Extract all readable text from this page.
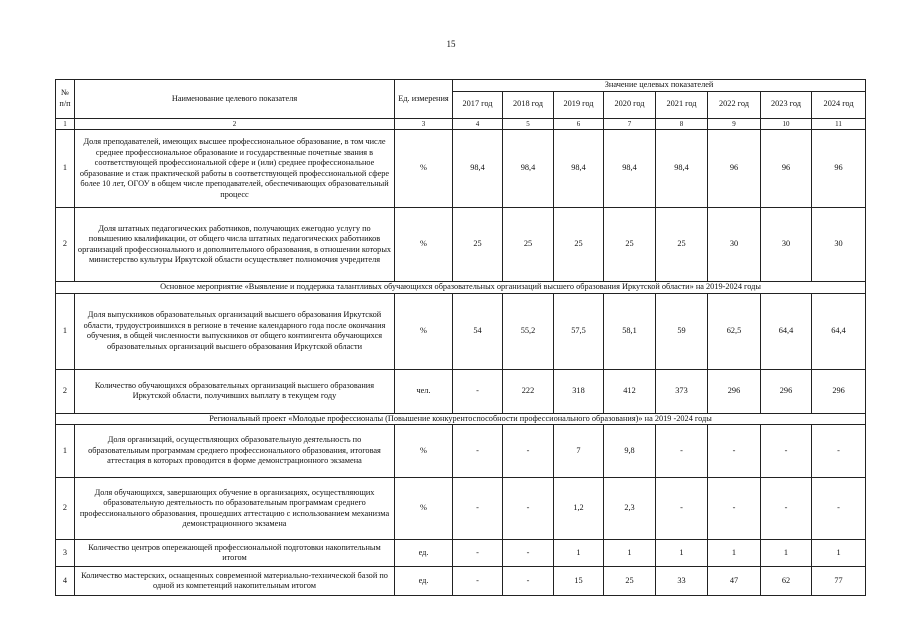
15
№ п/п	Наименование целевого показателя	Ед. измерения	Значение целевых показателей							
			2017 год	2018 год	2019 год	2020 год	2021 год	2022 год	2023 год	2024 год
1	2	3	4	5	6	7	8	9	10	11
1	Доля преподавателей, имеющих высшее профессиональное образование, в том числе среднее профессиональное образование и государственные почетные звания в соответствующей профессиональной сфере и (или) среднее профессиональное образование и стаж практической работы в соответствующей профессиональной сфере более 10 лет, ОГОУ в общем числе преподавателей, обеспечивающих образовательный процесс	%	98,4	98,4	98,4	98,4	98,4	96	96	96
2	Доля штатных педагогических работников, получающих ежегодно услугу по повышению квалификации, от общего числа штатных педагогических работников организаций профессионального и дополнительного образования, в отношении которых министерство культуры Иркутской области осуществляет полномочия учредителя	%	25	25	25	25	25	30	30	30
Основное мероприятие «Выявление и поддержка талантливых обучающихся образовательных организаций высшего образования Иркутской области» на 2019-2024 годы										
1	Доля выпускников образовательных организаций высшего образования Иркутской области, трудоустроившихся в регионе в течение календарного года после окончания обучения, в общей численности выпускников от общего контингента обучающихся образовательных организаций высшего образования Иркутской области	%	54	55,2	57,5	58,1	59	62,5	64,4	64,4
2	Количество обучающихся образовательных организаций высшего образования Иркутской области, получивших выплату в текущем году	чел.	-	222	318	412	373	296	296	296
Региональный проект «Молодые профессионалы (Повышение конкурентоспособности профессионального образования)» на 2019 -2024 годы										
1	Доля организаций, осуществляющих образовательную деятельность по образовательным программам среднего профессионального образования, итоговая аттестация в которых проводится в форме демонстрационного экзамена	%	-	-	7	9,8	-	-	-	-
2	Доля обучающихся, завершающих обучение в организациях, осуществляющих образовательную деятельность по образовательным программам среднего профессионального образования, прошедших аттестацию с использованием механизма демонстрационного экзамена	%	-	-	1,2	2,3	-	-	-	-
3	Количество центров опережающей профессиональной подготовки накопительным итогом	ед.	-	-	1	1	1	1	1	1
4	Количество мастерских, оснащенных современной материально-технической базой по одной из компетенций накопительным итогом	ед.	-	-	15	25	33	47	62	77
